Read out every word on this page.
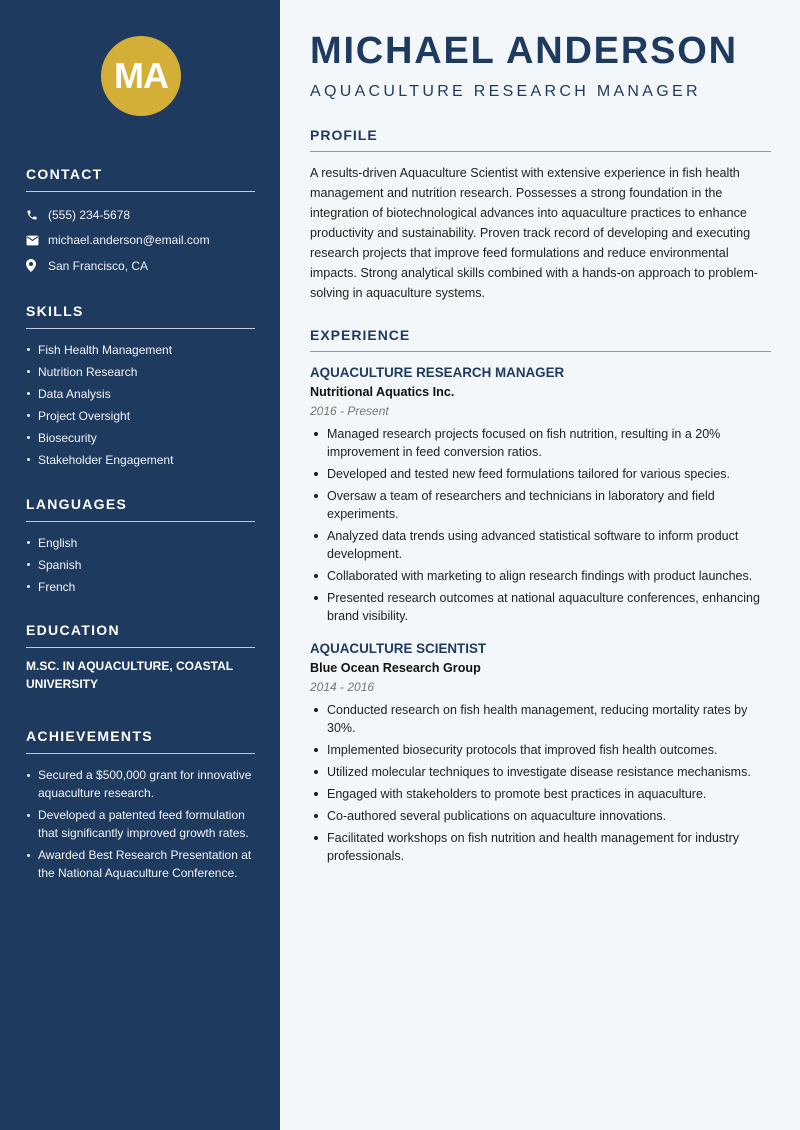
MA
CONTACT
(555) 234-5678
michael.anderson@email.com
San Francisco, CA
SKILLS
Fish Health Management
Nutrition Research
Data Analysis
Project Oversight
Biosecurity
Stakeholder Engagement
LANGUAGES
English
Spanish
French
EDUCATION
M.SC. IN AQUACULTURE, COASTAL UNIVERSITY
ACHIEVEMENTS
Secured a $500,000 grant for innovative aquaculture research.
Developed a patented feed formulation that significantly improved growth rates.
Awarded Best Research Presentation at the National Aquaculture Conference.
MICHAEL ANDERSON
AQUACULTURE RESEARCH MANAGER
PROFILE

A results-driven Aquaculture Scientist with extensive experience in fish health management and nutrition research. Possesses a strong foundation in the integration of biotechnological advances into aquaculture practices to enhance productivity and sustainability. Proven track record of developing and executing research projects that improve feed formulations and reduce environmental impacts. Strong analytical skills combined with a hands-on approach to problem-solving in aquaculture systems.

EXPERIENCE
AQUACULTURE RESEARCH MANAGER
Nutritional Aquatics Inc.
2016 - Present
Managed research projects focused on fish nutrition, resulting in a 20% improvement in feed conversion ratios.
Developed and tested new feed formulations tailored for various species.
Oversaw a team of researchers and technicians in laboratory and field experiments.
Analyzed data trends using advanced statistical software to inform product development.
Collaborated with marketing to align research findings with product launches.
Presented research outcomes at national aquaculture conferences, enhancing brand visibility.
AQUACULTURE SCIENTIST
Blue Ocean Research Group
2014 - 2016
Conducted research on fish health management, reducing mortality rates by 30%.
Implemented biosecurity protocols that improved fish health outcomes.
Utilized molecular techniques to investigate disease resistance mechanisms.
Engaged with stakeholders to promote best practices in aquaculture.
Co-authored several publications on aquaculture innovations.
Facilitated workshops on fish nutrition and health management for industry professionals.
